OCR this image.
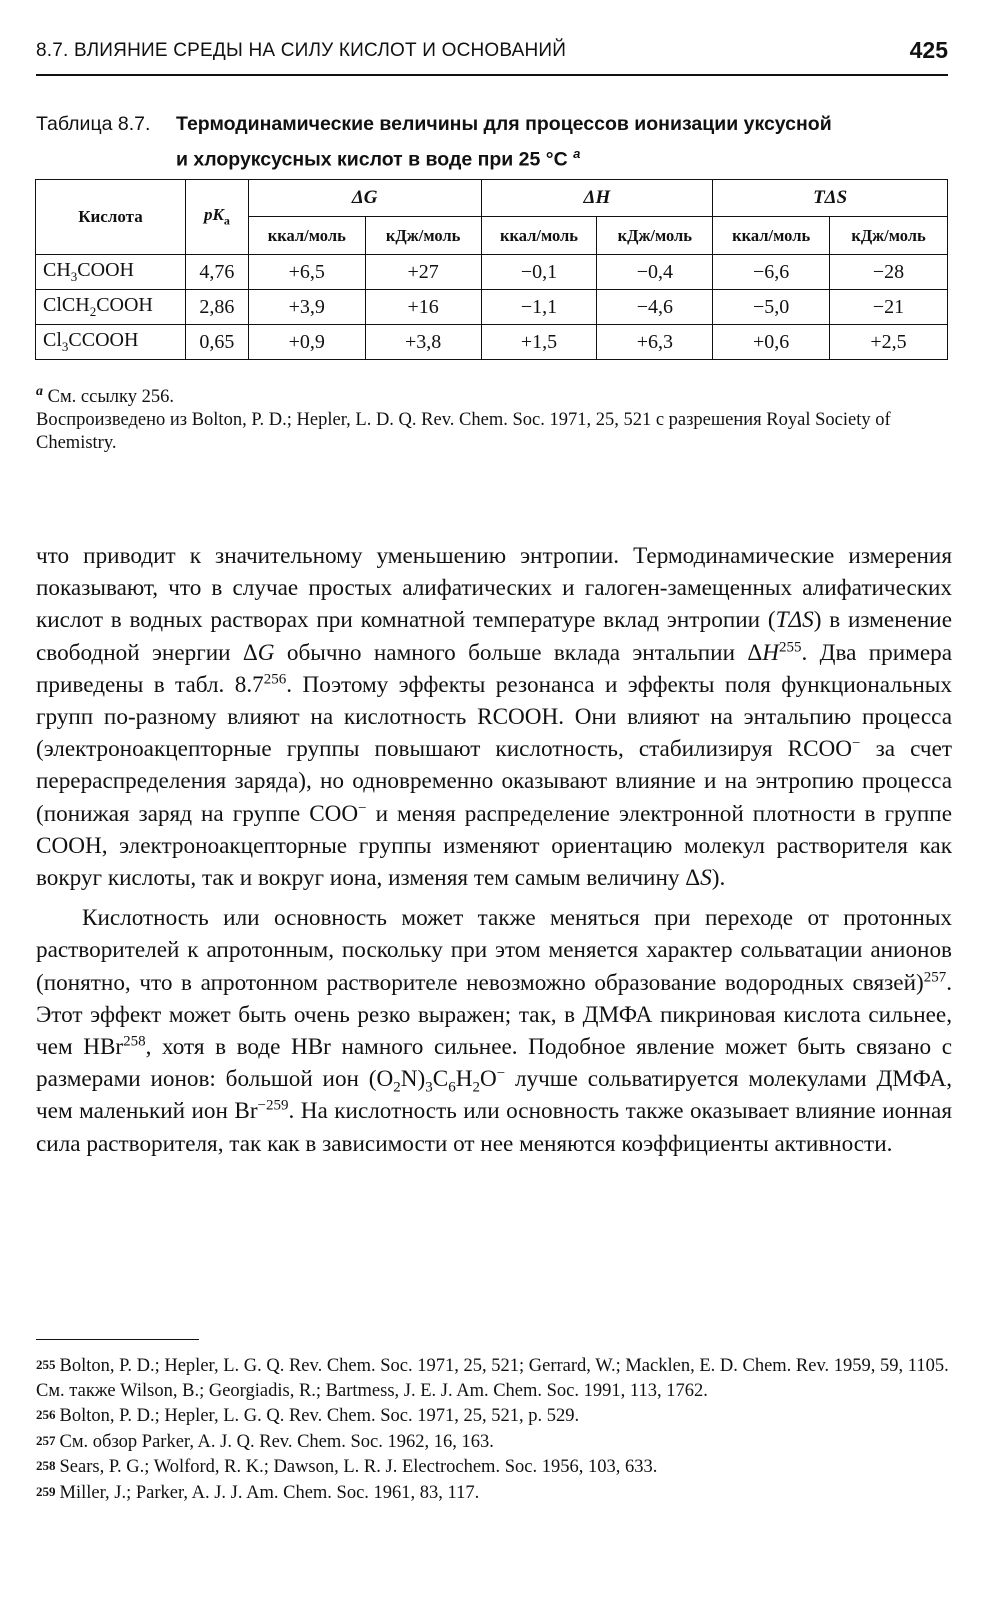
8.7. ВЛИЯНИЕ СРЕДЫ НА СИЛУ КИСЛОТ И ОСНОВАНИЙ	425
Таблица 8.7. Термодинамические величины для процессов ионизации уксусной
и хлоруксусных кислот в воде при 25 °C $^a$
Кислота	$pK_a$	ΔG		ΔH		TΔS	
		ккал/моль	кДж/моль	ккал/моль	кДж/моль	ккал/моль	кДж/моль
$CH_3COOH$	4,76	+6,5	+27	−0,1	−0,4	−6,6	−28
ClCH$_2$COOH	2,86	+3,9	+16	−1,1	−4,6	−5,0	−21
$Cl_3CCOOH$	0,65	+0,9	+3,8	+1,5	+6,3	+0,6	+2,5

$^a$ См. ссылку 256.

Воспроизведено из Bolton, P. D.; Hepler, L. D. Q. Rev. Chem. Soc. 1971, 25, 521 с разрешения Royal Society of Chemistry.

что приводит к значительному уменьшению энтропии. Термодинамические измерения показывают, что в случае простых алифатических и галоген-замещенных алифатических кислот в водных растворах при комнатной температуре вклад энтропии (TΔS) в изменение свободной энергии ΔG обычно намного больше вклада энтальпии ΔH$^{255}$. Два примера приведены в табл. $8.7^{256}$. Поэтому эффекты резонанса и эффекты поля функциональных групп по-разному влияют на кислотность RCOOH. Они влияют на энтальпию процесса (электроноакцепторные группы повышают кислотность, стабилизируя RCOO− за счет перераспределения заряда), но одновременно оказывают влияние и на энтропию процесса (понижая заряд на группе COO− и меняя распределение электронной плотности в группе COOH, электроноакцепторные группы изменяют ориентацию молекул растворителя как вокруг кислоты, так и вокруг иона, изменяя тем самым величину ΔS).

Кислотность или основность может также меняться при переходе от протонных растворителей к апротонным, поскольку при этом меняется характер сольватации анионов (понятно, что в апротонном растворителе невозможно образование водородных связей)$^{257}$. Этот эффект может быть очень резко выражен; так, в ДМФА пикриновая кислота сильнее, чем HBr$^{258}$, хотя в воде HBr намного сильнее. Подобное явление может быть связано с размерами ионов: большой ион $(O_2N)_3C_6H_2O^-$ лучше сольватируется молекулами ДМФА, чем маленький ион $Br^{-259}$. На кислотность или основность также оказывает влияние ионная сила растворителя, так как в зависимости от нее меняются коэффициенты активности.

255 Bolton, P. D.; Hepler, L. G. Q. Rev. Chem. Soc. 1971, 25, 521; Gerrard, W.; Macklen, E. D. Chem. Rev. 1959, 59, 1105. См. также Wilson, B.; Georgiadis, R.; Bartmess, J. E. J. Am. Chem. Soc. 1991, 113, 1762.

256 Bolton, P. D.; Hepler, L. G. Q. Rev. Chem. Soc. 1971, 25, 521, p. 529.

257 См. обзор Parker, A. J. Q. Rev. Chem. Soc. 1962, 16, 163.

258 Sears, P. G.; Wolford, R. K.; Dawson, L. R. J. Electrochem. Soc. 1956, 103, 633.

259 Miller, J.; Parker, A. J. J. Am. Chem. Soc. 1961, 83, 117.
